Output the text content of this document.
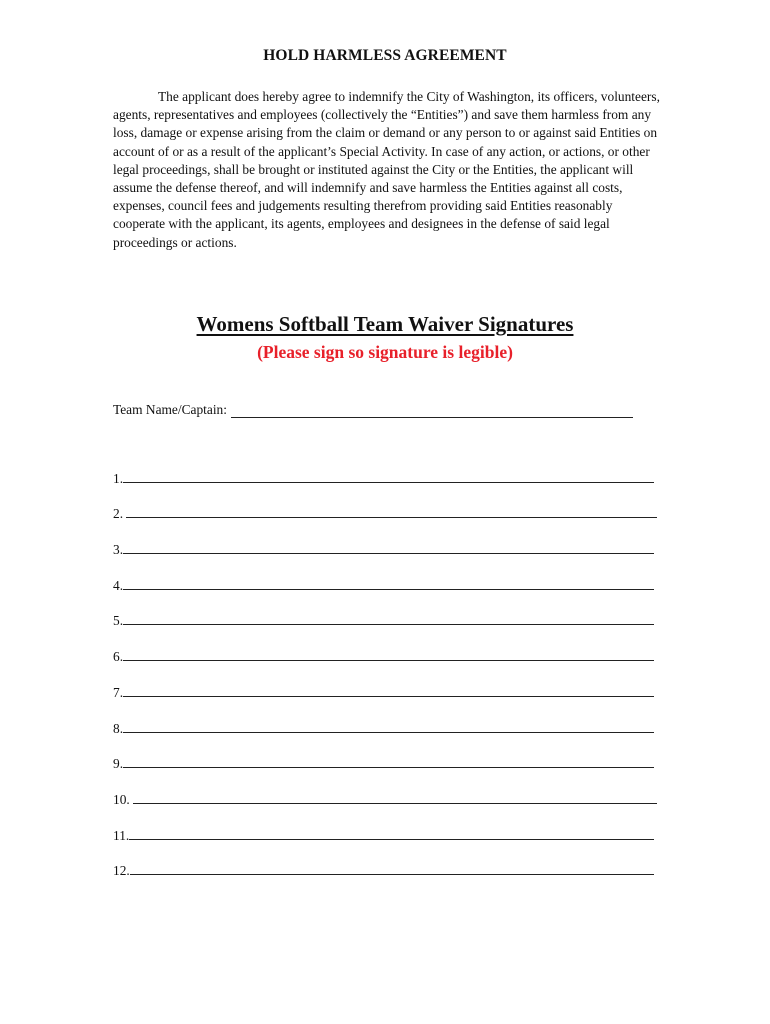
HOLD HARMLESS AGREEMENT

The applicant does hereby agree to indemnify the City of Washington, its officers, volunteers, agents, representatives and employees (collectively the “Entities”) and save them harmless from any loss, damage or expense arising from the claim or demand or any person to or against said Entities on account of or as a result of the applicant’s Special Activity. In case of any action, or actions, or other legal proceedings, shall be brought or instituted against the City or the Entities, the applicant will assume the defense thereof, and will indemnify and save harmless the Entities against all costs, expenses, council fees and judgements resulting therefrom providing said Entities reasonably cooperate with the applicant, its agents, employees and designees in the defense of said legal proceedings or actions.

Womens Softball Team Waiver Signatures
(Please sign so signature is legible)
Team Name/Captain:
1.
2.
3.
4.
5.
6.
7.
8.
9.
10.
11.
12.
